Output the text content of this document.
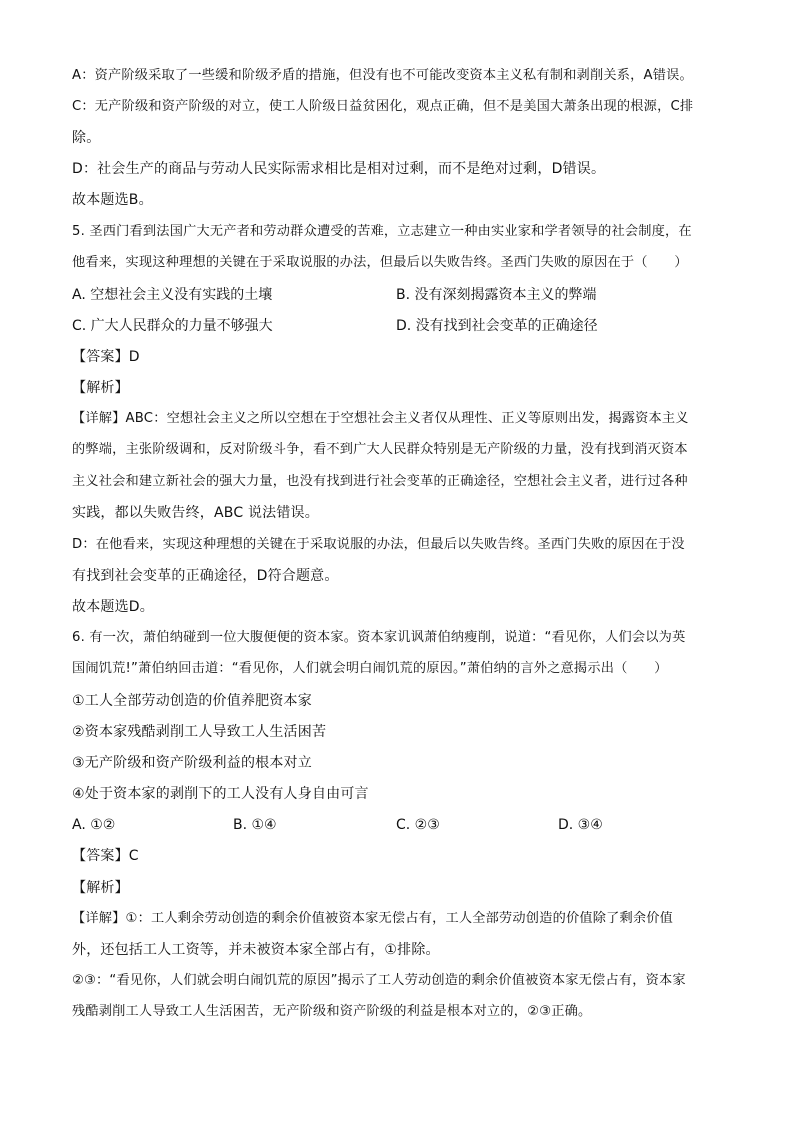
A：资产阶级采取了一些缓和阶级矛盾的措施，但没有也不可能改变资本主义私有制和剥削关系，A错误。
C：无产阶级和资产阶级的对立，使工人阶级日益贫困化，观点正确，但不是美国大萧条出现的根源，C排
除。
D：社会生产的商品与劳动人民实际需求相比是相对过剩，而不是绝对过剩，D错误。
故本题选B。
5. 圣西门看到法国广大无产者和劳动群众遭受的苦难，立志建立一种由实业家和学者领导的社会制度，在
他看来，实现这种理想的关键在于采取说服的办法，但最后以失败告终。圣西门失败的原因在于（　　）
A. 空想社会主义没有实践的土壤	B. 没有深刻揭露资本主义的弊端
C. 广大人民群众的力量不够强大	D. 没有找到社会变革的正确途径
【答案】D
【解析】
【详解】ABC：空想社会主义之所以空想在于空想社会主义者仅从理性、正义等原则出发，揭露资本主义
的弊端，主张阶级调和，反对阶级斗争，看不到广大人民群众特别是无产阶级的力量，没有找到消灭资本
主义社会和建立新社会的强大力量，也没有找到进行社会变革的正确途径，空想社会主义者，进行过各种
实践，都以失败告终，ABC 说法错误。
D：在他看来，实现这种理想的关键在于采取说服的办法，但最后以失败告终。圣西门失败的原因在于没
有找到社会变革的正确途径，D符合题意。
故本题选D。
6. 有一次，萧伯纳碰到一位大腹便便的资本家。资本家讥讽萧伯纳瘦削，说道：“看见你，人们会以为英
国闹饥荒!”萧伯纳回击道：“看见你，人们就会明白闹饥荒的原因。”萧伯纳的言外之意揭示出（　　）
①工人全部劳动创造的价值养肥资本家
②资本家残酷剥削工人导致工人生活困苦
③无产阶级和资产阶级利益的根本对立
④处于资本家的剥削下的工人没有人身自由可言
A. ①②	B. ①④	C. ②③	D. ③④
【答案】C
【解析】
【详解】①：工人剩余劳动创造的剩余价值被资本家无偿占有，工人全部劳动创造的价值除了剩余价值
外，还包括工人工资等，并未被资本家全部占有，①排除。
②③：“看见你，人们就会明白闹饥荒的原因”揭示了工人劳动创造的剩余价值被资本家无偿占有，资本家
残酷剥削工人导致工人生活困苦，无产阶级和资产阶级的利益是根本对立的，②③正确。
